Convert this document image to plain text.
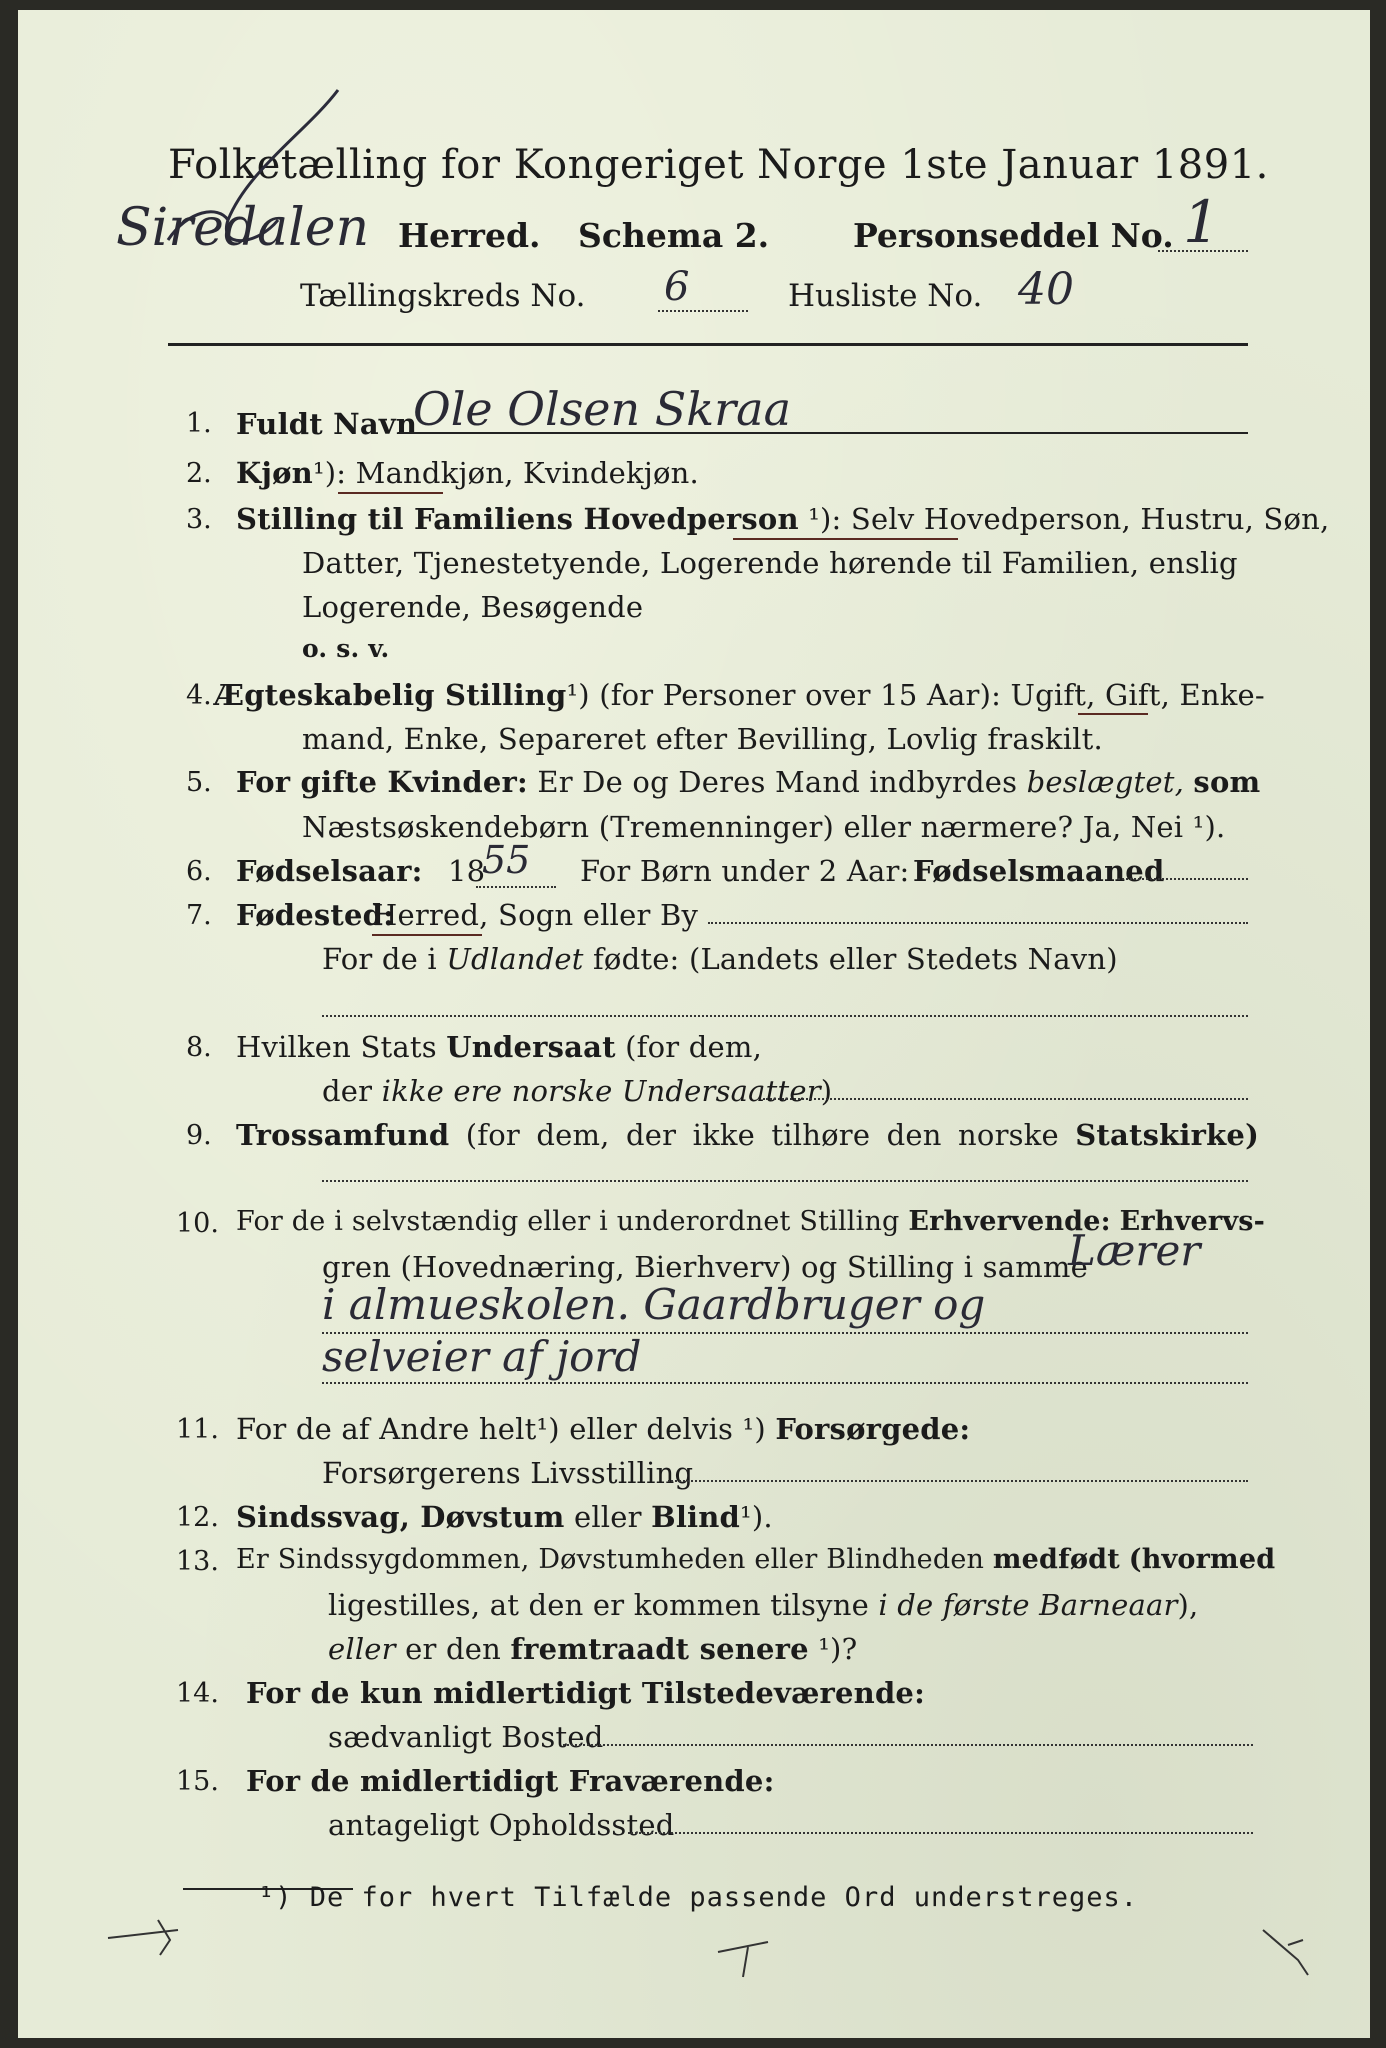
Folketælling for Kongeriget Norge 1ste Januar 1891.
Siredalen Herred. Schema 2.	Personseddel No. 1
Tællingskreds No. 6	Husliste No. 40
1. Fuldt Navn
Ole Olsen Skraa
2. Kjøn¹): Mandkjøn, Kvindekjøn.
3. Stilling til Familiens Hovedperson ¹): Selv Hovedperson, Hustru, Søn,
Datter, Tjenestetyende, Logerende hørende til Familien, enslig
Logerende, Besøgende
o. s. v.
4. Ægteskabelig Stilling¹) (for Personer over 15 Aar): Ugift, Gift, Enke-
mand, Enke, Separeret efter Bevilling, Lovlig fraskilt.
5. For gifte Kvinder: Er De og Deres Mand indbyrdes beslægtet, som
Næstsøskendebørn (Tremenninger) eller nærmere? Ja, Nei ¹).
6. Fødselsaar: 18
55 For Børn under 2 Aar: Fødselsmaaned
7. Fødested:
Herred, Sogn eller By
For de i Udlandet fødte: (Landets eller Stedets Navn)
8. Hvilken Stats Undersaat (for dem,
der ikke ere norske Undersaatter)
9. Trossamfund (for dem, der ikke tilhøre den norske Statskirke)
10. For de i selvstændig eller i underordnet Stilling Erhvervende: Erhvervs-
gren (Hovednæring, Bierhverv) og Stilling i samme
Lærer
i almueskolen. Gaardbruger og
selveier af jord
11. For de af Andre helt¹) eller delvis ¹) Forsørgede:
Forsørgerens Livsstilling
12. Sindssvag, Døvstum eller Blind¹).
13. Er Sindssygdommen, Døvstumheden eller Blindheden medfødt (hvormed
ligestilles, at den er kommen tilsyne i de første Barneaar),
eller er den fremtraadt senere ¹)?
14. For de kun midlertidigt Tilstedeværende:
sædvanligt Bosted
15. For de midlertidigt Fraværende:
antageligt Opholdssted
¹) De for hvert Tilfælde passende Ord understreges.
